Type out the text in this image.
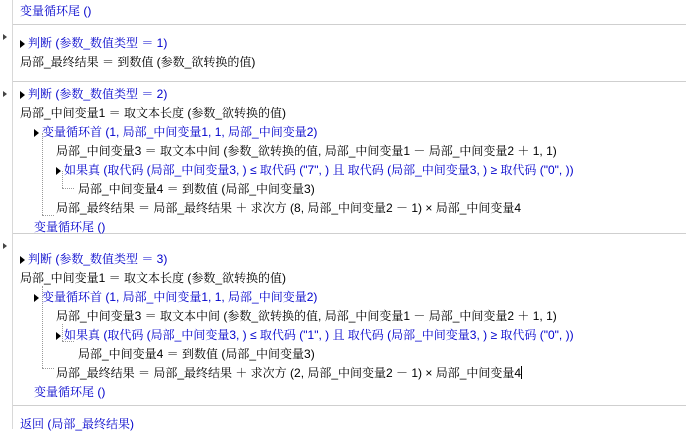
变量循环尾 ()
判断 (参数_数值类型 ＝ 1)
局部_最终结果 ＝ 到数值 (参数_欲转换的值)
判断 (参数_数值类型 ＝ 2)
局部_中间变量1 ＝ 取文本长度 (参数_欲转换的值)
变量循环首 (1, 局部_中间变量1, 1, 局部_中间变量2)
局部_中间变量3 ＝ 取文本中间 (参数_欲转换的值, 局部_中间变量1 － 局部_中间变量2 ＋ 1, 1)
如果真 (取代码 (局部_中间变量3, ) ≤ 取代码 ("7", ) 且 取代码 (局部_中间变量3, ) ≥ 取代码 ("0", ))
局部_中间变量4 ＝ 到数值 (局部_中间变量3)
局部_最终结果 ＝ 局部_最终结果 ＋ 求次方 (8, 局部_中间变量2 － 1) × 局部_中间变量4
变量循环尾 ()
判断 (参数_数值类型 ＝ 3)
局部_中间变量1 ＝ 取文本长度 (参数_欲转换的值)
变量循环首 (1, 局部_中间变量1, 1, 局部_中间变量2)
局部_中间变量3 ＝ 取文本中间 (参数_欲转换的值, 局部_中间变量1 － 局部_中间变量2 ＋ 1, 1)
如果真 (取代码 (局部_中间变量3, ) ≤ 取代码 ("1", ) 且 取代码 (局部_中间变量3, ) ≥ 取代码 ("0", ))
局部_中间变量4 ＝ 到数值 (局部_中间变量3)
局部_最终结果 ＝ 局部_最终结果 ＋ 求次方 (2, 局部_中间变量2 － 1) × 局部_中间变量4
变量循环尾 ()
返回 (局部_最终结果)
